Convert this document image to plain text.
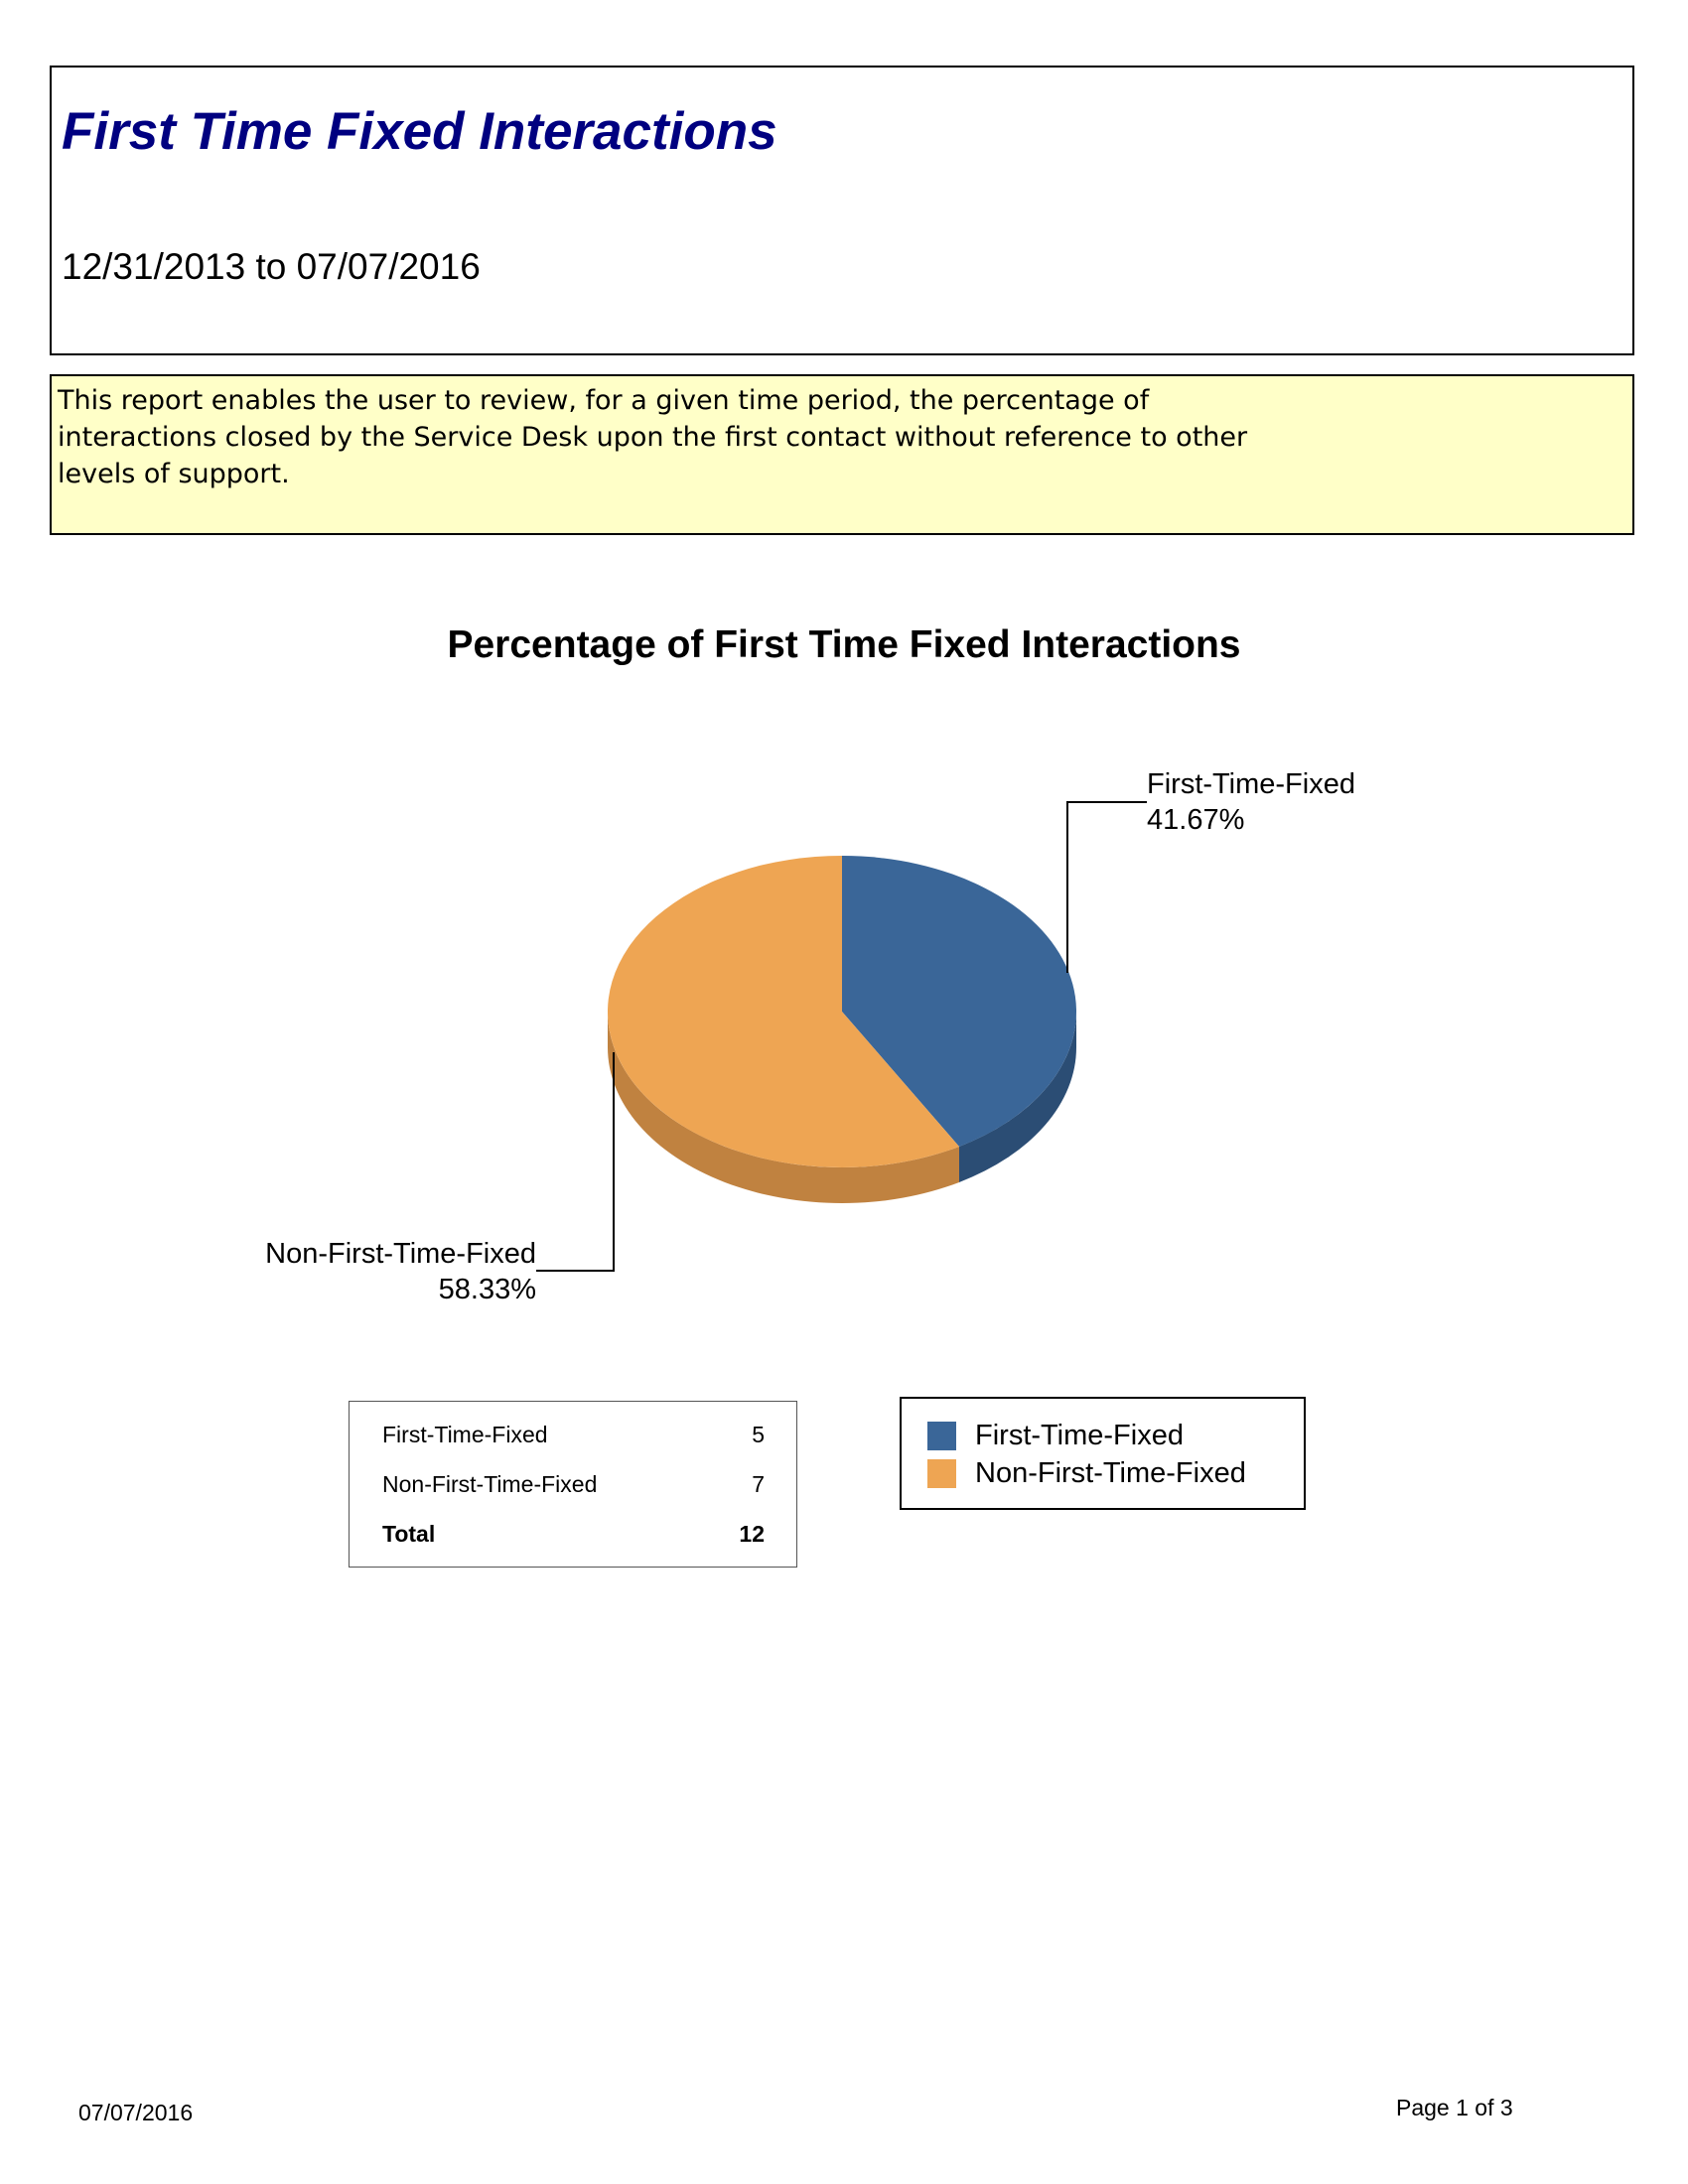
First Time Fixed Interactions
12/31/2013 to 07/07/2016
This report enables the user to review, for a given time period, the percentage of
interactions closed by the Service Desk upon the first contact without reference to other
levels of support.
Percentage of First Time Fixed Interactions
First-Time-Fixed
41.67%
Non-First-Time-Fixed
58.33%
First-Time-Fixed	5
Non-First-Time-Fixed	7
Total	12
First-Time-Fixed
Non-First-Time-Fixed
07/07/2016	Page 1 of 3
